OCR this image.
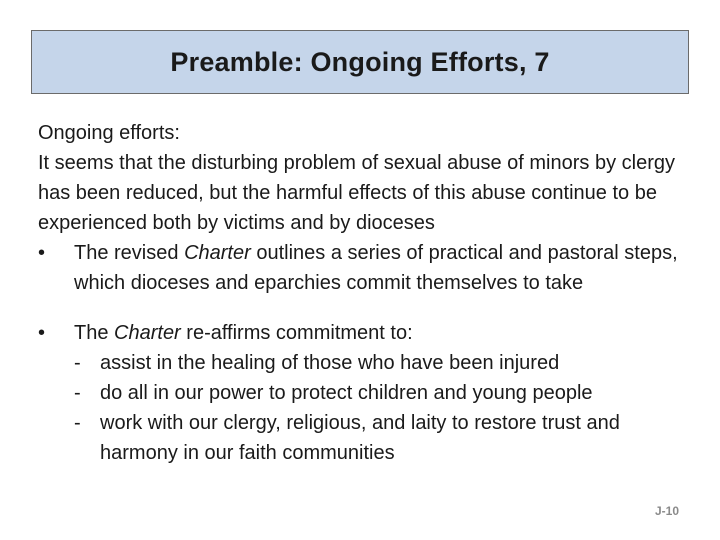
Preamble: Ongoing Efforts, 7

Ongoing efforts:

It seems that the disturbing problem of sexual abuse of minors by clergy has been reduced, but the harmful effects of this abuse continue to be experienced both by victims and by dioceses

•	The revised Charter outlines a series of practical and pastoral steps, which dioceses and eparchies commit themselves to take
•	The Charter re-affirms commitment to:
- assist in the healing of those who have been injured
- do all in our power to protect children and young people
- work with our clergy, religious, and laity to restore trust and harmony in our faith communities
J-10
